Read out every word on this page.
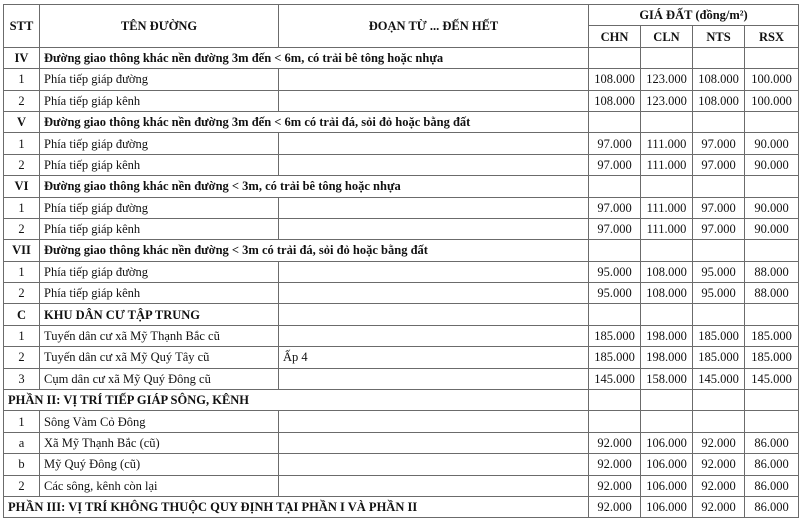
STT	TÊN ĐƯỜNG	ĐOẠN TỪ ... ĐẾN HẾT	GIÁ ĐẤT (đồng/m²)			
			CHN	CLN	NTS	RSX
IV	Đường giao thông khác nền đường 3m đến < 6m, có trải bê tông hoặc nhựa					
1	Phía tiếp giáp đường		108.000	123.000	108.000	100.000
2	Phía tiếp giáp kênh		108.000	123.000	108.000	100.000
V	Đường giao thông khác nền đường 3m đến < 6m có trải đá, sỏi đỏ hoặc bằng đất					
1	Phía tiếp giáp đường		97.000	111.000	97.000	90.000
2	Phía tiếp giáp kênh		97.000	111.000	97.000	90.000
VI	Đường giao thông khác nền đường < 3m, có trải bê tông hoặc nhựa					
1	Phía tiếp giáp đường		97.000	111.000	97.000	90.000
2	Phía tiếp giáp kênh		97.000	111.000	97.000	90.000
VII	Đường giao thông khác nền đường < 3m có trải đá, sỏi đỏ hoặc bằng đất					
1	Phía tiếp giáp đường		95.000	108.000	95.000	88.000
2	Phía tiếp giáp kênh		95.000	108.000	95.000	88.000
C	KHU DÂN CƯ TẬP TRUNG					
1	Tuyến dân cư xã Mỹ Thạnh Bắc cũ		185.000	198.000	185.000	185.000
2	Tuyến dân cư xã Mỹ Quý Tây cũ	Ấp 4	185.000	198.000	185.000	185.000
3	Cụm dân cư xã Mỹ Quý Đông cũ		145.000	158.000	145.000	145.000
PHẦN II: VỊ TRÍ TIẾP GIÁP SÔNG, KÊNH						
1	Sông Vàm Cỏ Đông					
a	Xã Mỹ Thạnh Bắc (cũ)		92.000	106.000	92.000	86.000
b	Mỹ Quý Đông (cũ)		92.000	106.000	92.000	86.000
2	Các sông, kênh còn lại		92.000	106.000	92.000	86.000
PHẦN III: VỊ TRÍ KHÔNG THUỘC QUY ĐỊNH TẠI PHẦN I VÀ PHẦN II			92.000	106.000	92.000	86.000
